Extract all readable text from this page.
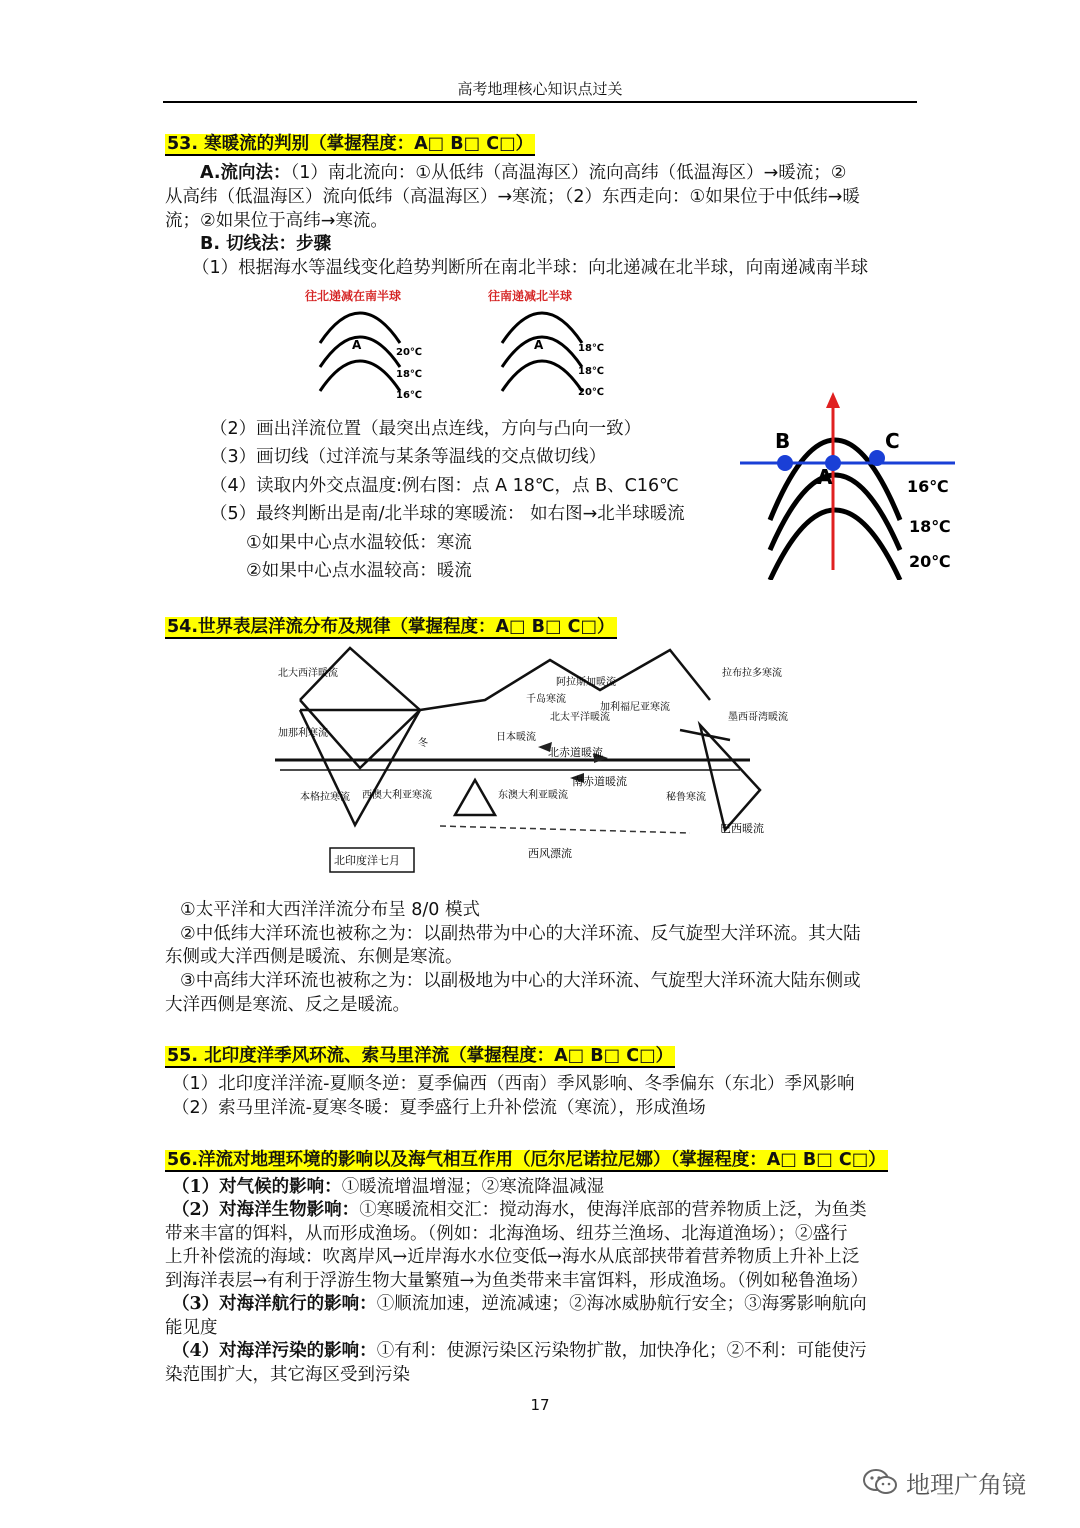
高考地理核心知识点过关
53. 寒暖流的判别（掌握程度：A□ B□ C□）
A.流向法：（1）南北流向：①从低纬（高温海区）流向高纬（低温海区）→暖流；②
从高纬（低温海区）流向低纬（高温海区）→寒流；（2）东西走向：①如果位于中低纬→暖
流；②如果位于高纬→寒流。
B. 切线法：步骤
（1）根据海水等温线变化趋势判断所在南北半球：向北递减在北半球，向南递减南半球
往北递减在南半球
A
20℃
18℃
16℃
往南递减北半球
A	18℃
18℃
20℃
（2）画出洋流位置（最突出点连线，方向与凸向一致）
（3）画切线（过洋流与某条等温线的交点做切线）
（4）读取内外交点温度:例右图：点 A 18℃，点 B、C16℃
（5）最终判断出是南/北半球的寒暖流： 如右图→北半球暖流
①如果中心点水温较低：寒流
②如果中心点水温较高：暖流
B	C
A	16℃
18℃
20℃
54.世界表层洋流分布及规律（掌握程度：A□ B□ C□）
北印度洋七月
西风漂流
北赤道暖流
南赤道暖流
巴西暖流
阿拉斯加暖流
千岛寒流
北太平洋暖流
加利福尼亚寒流
墨西哥湾暖流
日本暖流
冬
西澳大利亚寒流	东澳大利亚暖流	秘鲁寒流
加那利寒流
本格拉寒流
北大西洋暖流	拉布拉多寒流
①太平洋和大西洋洋流分布呈 8/0 模式
②中低纬大洋环流也被称之为：以副热带为中心的大洋环流、反气旋型大洋环流。其大陆
东侧或大洋西侧是暖流、东侧是寒流。
③中高纬大洋环流也被称之为：以副极地为中心的大洋环流、气旋型大洋环流大陆东侧或
大洋西侧是寒流、反之是暖流。
55. 北印度洋季风环流、索马里洋流（掌握程度：A□ B□ C□）
（1）北印度洋洋流-夏顺冬逆：夏季偏西（西南）季风影响、冬季偏东（东北）季风影响
（2）索马里洋流-夏寒冬暖：夏季盛行上升补偿流（寒流），形成渔场
56.洋流对地理环境的影响以及海气相互作用（厄尔尼诺拉尼娜）（掌握程度：A□ B□ C□）
（1）对气候的影响：①暖流增温增湿；②寒流降温减湿
（2）对海洋生物影响：①寒暖流相交汇：搅动海水，使海洋底部的营养物质上泛，为鱼类
带来丰富的饵料，从而形成渔场。（例如：北海渔场、纽芬兰渔场、北海道渔场）；②盛行
上升补偿流的海域：吹离岸风→近岸海水水位变低→海水从底部挟带着营养物质上升补上泛
到海洋表层→有利于浮游生物大量繁殖→为鱼类带来丰富饵料，形成渔场。（例如秘鲁渔场）
（3）对海洋航行的影响：①顺流加速，逆流减速；②海冰威胁航行安全；③海雾影响航向
能见度
（4）对海洋污染的影响：①有利：使源污染区污染物扩散，加快净化；②不利：可能使污
染范围扩大，其它海区受到污染
17
地理广角镜
